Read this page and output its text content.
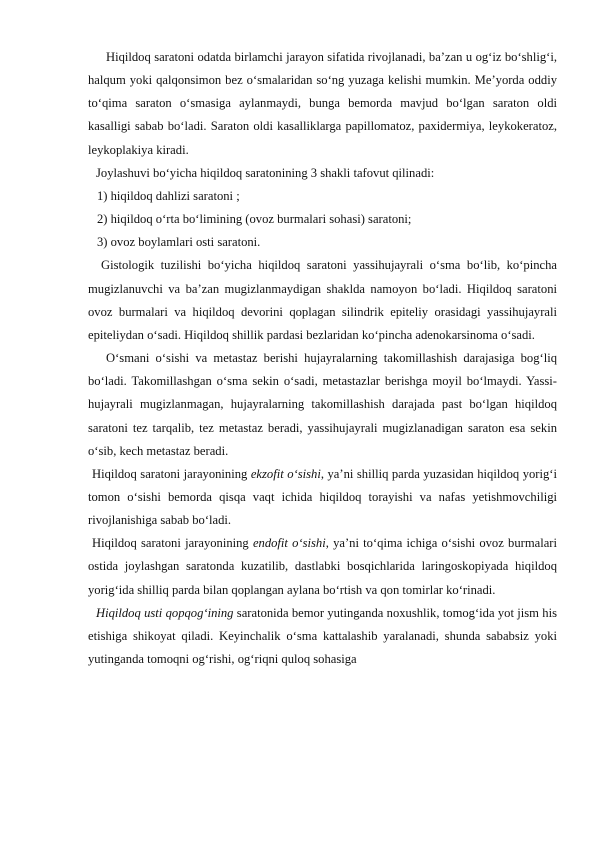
Hiqildoq saratoni odatda birlamchi jarayon sifatida rivojlanadi, ba’zan u og‘iz bo‘shlig‘i, halqum yoki qalqonsimon bez o‘smalaridan so‘ng yuzaga kelishi mumkin. Me’yorda oddiy to‘qima saraton o‘smasiga aylanmaydi, bunga bemorda mavjud bo‘lgan saraton oldi kasalligi sabab bo‘ladi. Saraton oldi kasalliklarga papillomatoz, paxidermiya, leykokeratoz, leykoplakiya kiradi.

Joylashuvi bo‘yicha hiqildoq saratonining 3 shakli tafovut qilinadi:

1) hiqildoq dahlizi saratoni ;

2) hiqildoq o‘rta bo‘limining (ovoz burmalari sohasi) saratoni;

3) ovoz boylamlari osti saratoni.

Gistologik tuzilishi bo‘yicha hiqildoq saratoni yassihujayrali o‘sma bo‘lib, ko‘pincha mugizlanuvchi va ba’zan mugizlanmaydigan shaklda namoyon bo‘ladi. Hiqildoq saratoni ovoz burmalari va hiqildoq devorini qoplagan silindrik epiteliy orasidagi yassihujayrali epiteliydan o‘sadi. Hiqildoq shillik pardasi bezlaridan ko‘pincha adenokarsinoma o‘sadi.

O‘smani o‘sishi va metastaz berishi hujayralarning takomillashish darajasiga bog‘liq bo‘ladi. Takomillashgan o‘sma sekin o‘sadi, metastazlar berishga moyil bo‘lmaydi. Yassi-hujayrali mugizlanmagan, hujayralarning takomillashish darajada past bo‘lgan hiqildoq saratoni tez tarqalib, tez metastaz beradi, yassihujayrali mugizlanadigan saraton esa sekin o‘sib, kech metastaz beradi.

Hiqildoq saratoni jarayonining ekzofit o‘sishi, ya’ni shilliq parda yuzasidan hiqildoq yorig‘i tomon o‘sishi bemorda qisqa vaqt ichida hiqildoq torayishi va nafas yetishmovchiligi rivojlanishiga sabab bo‘ladi.

Hiqildoq saratoni jarayonining endofit o‘sishi, ya’ni to‘qima ichiga o‘sishi ovoz burmalari ostida joylashgan saratonda kuzatilib, dastlabki bosqichlarida laringoskopiyada hiqildoq yorig‘ida shilliq parda bilan qoplangan aylana bo‘rtish va qon tomirlar ko‘rinadi.

Hiqildoq usti qopqog‘ining saratonida bemor yutinganda noxushlik, tomog‘ida yot jism his etishiga shikoyat qiladi. Keyinchalik o‘sma kattalashib yaralanadi, shunda sababsiz yoki yutinganda tomoqni og‘rishi, og‘riqni quloq sohasiga
